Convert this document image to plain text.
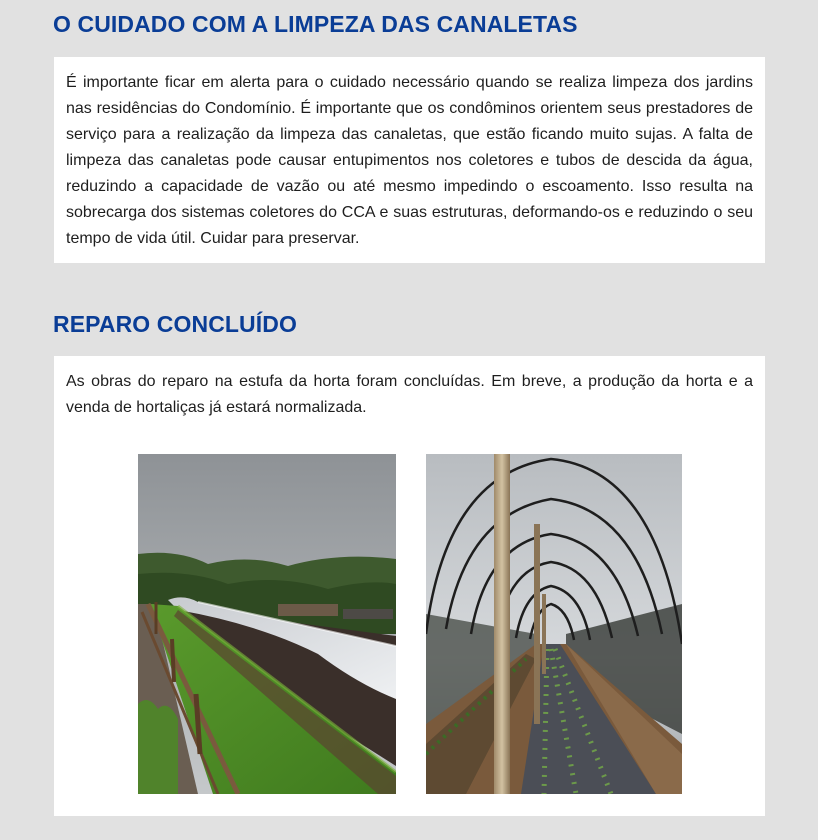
O CUIDADO COM A LIMPEZA DAS CANALETAS

É importante ficar em alerta para o cuidado necessário quando se realiza limpeza dos jardins nas residências do Condomínio. É importante que os condôminos orientem seus prestadores de serviço para a realização da limpeza das canaletas, que estão ficando muito sujas. A falta de limpeza das canaletas pode causar entupimentos nos coletores e tubos de descida da água, reduzindo a capacidade de vazão ou até mesmo impedindo o escoamento. Isso resulta na sobrecarga dos sistemas coletores do CCA e suas estruturas, deformando-os e reduzindo o seu tempo de vida útil. Cuidar para preservar.

REPARO CONCLUÍDO

As obras do reparo na estufa da horta foram concluídas. Em breve, a produção da horta e a venda de hortaliças já estará normalizada.
